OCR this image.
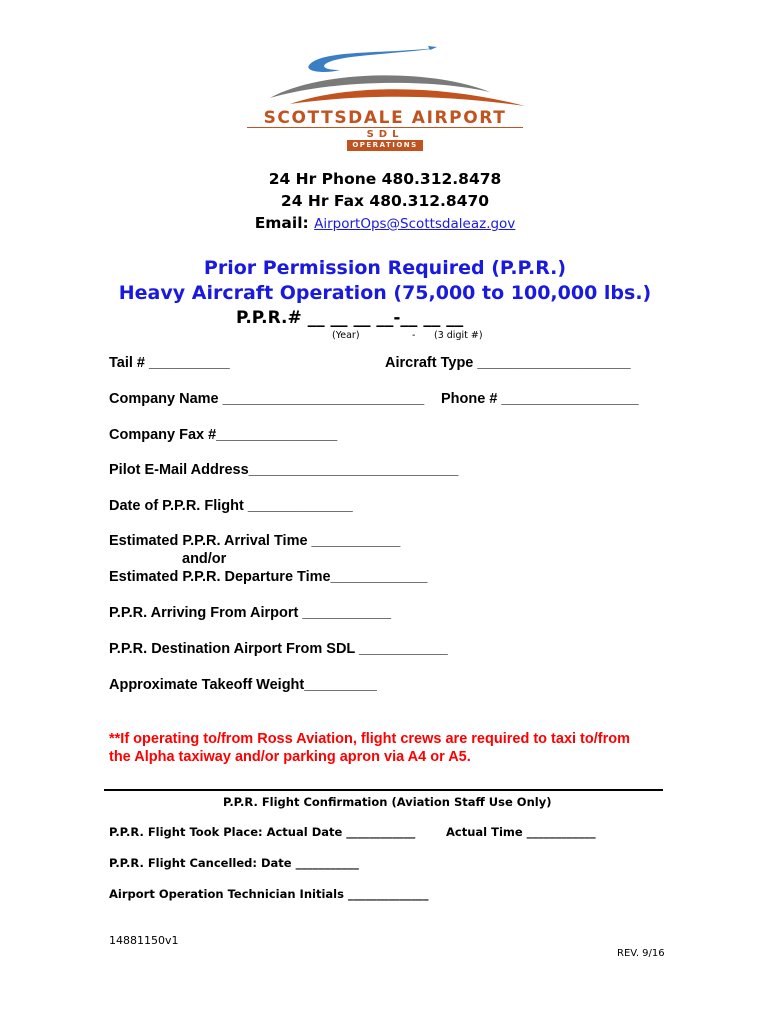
SCOTTSDALE AIRPORT
SDL
OPERATIONS
24 Hr Phone 480.312.8478
24 Hr Fax 480.312.8470
Email: AirportOps@Scottsdaleaz.gov
Prior Permission Required (P.P.R.)
Heavy Aircraft Operation (75,000 to 100,000 lbs.)
P.P.R.# __ __ __ __-__ __ __
(Year)	- (3 digit #)
Tail # __________	Aircraft Type ___________________
Company Name _________________________ Phone # _________________
Company Fax #_______________
Pilot E-Mail Address__________________________
Date of P.P.R. Flight _____________
Estimated P.P.R. Arrival Time ___________
and/or
Estimated P.P.R. Departure Time____________
P.P.R. Arriving From Airport ___________
P.P.R. Destination Airport From SDL ___________
Approximate Takeoff Weight_________
**If operating to/from Ross Aviation, flight crews are required to taxi to/from
the Alpha taxiway and/or parking apron via A4 or A5.
P.P.R. Flight Confirmation (Aviation Staff Use Only)
P.P.R. Flight Took Place: Actual Date ____________	Actual Time ____________
P.P.R. Flight Cancelled: Date ___________
Airport Operation Technician Initials ______________
14881150v1
REV. 9/16
